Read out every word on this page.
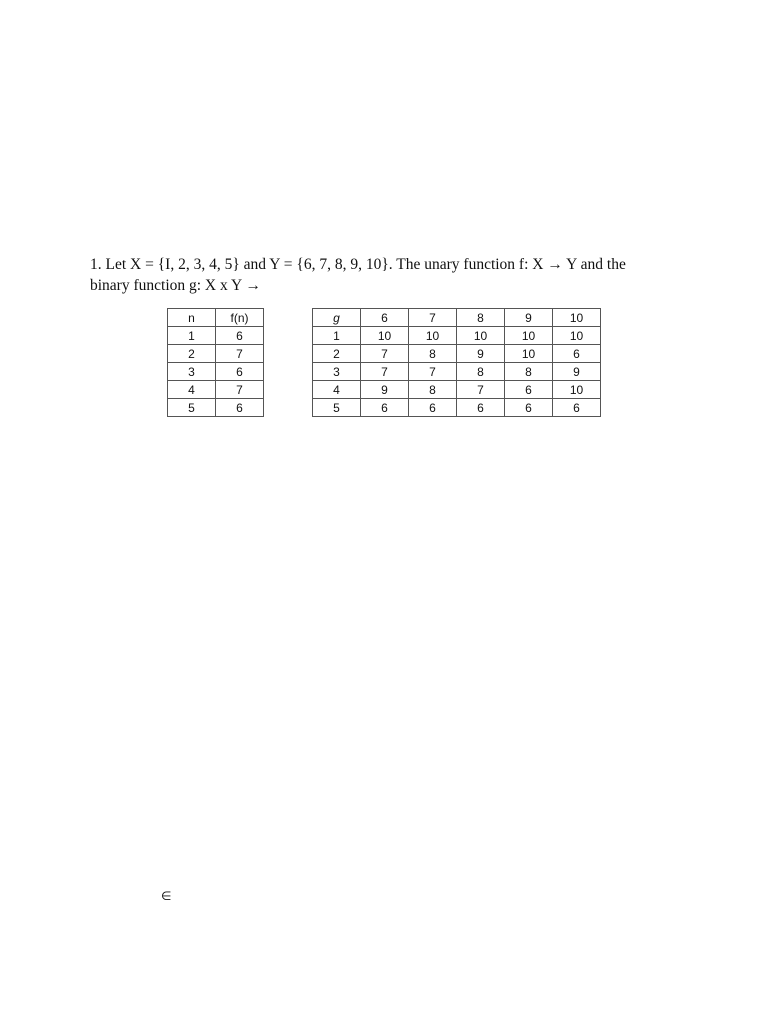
1. Let X = {I, 2, 3, 4, 5} and Y = {6, 7, 8, 9, 10}. The unary function f: X → Y and the
binary function g: X x Y →
n	f(n)
1	6
2	7
3	6
4	7
5	6
g	6	7	8	9	10
1	10	10	10	10	10
2	7	8	9	10	6
3	7	7	8	8	9
4	9	8	7	6	10
5	6	6	6	6	6
∈
